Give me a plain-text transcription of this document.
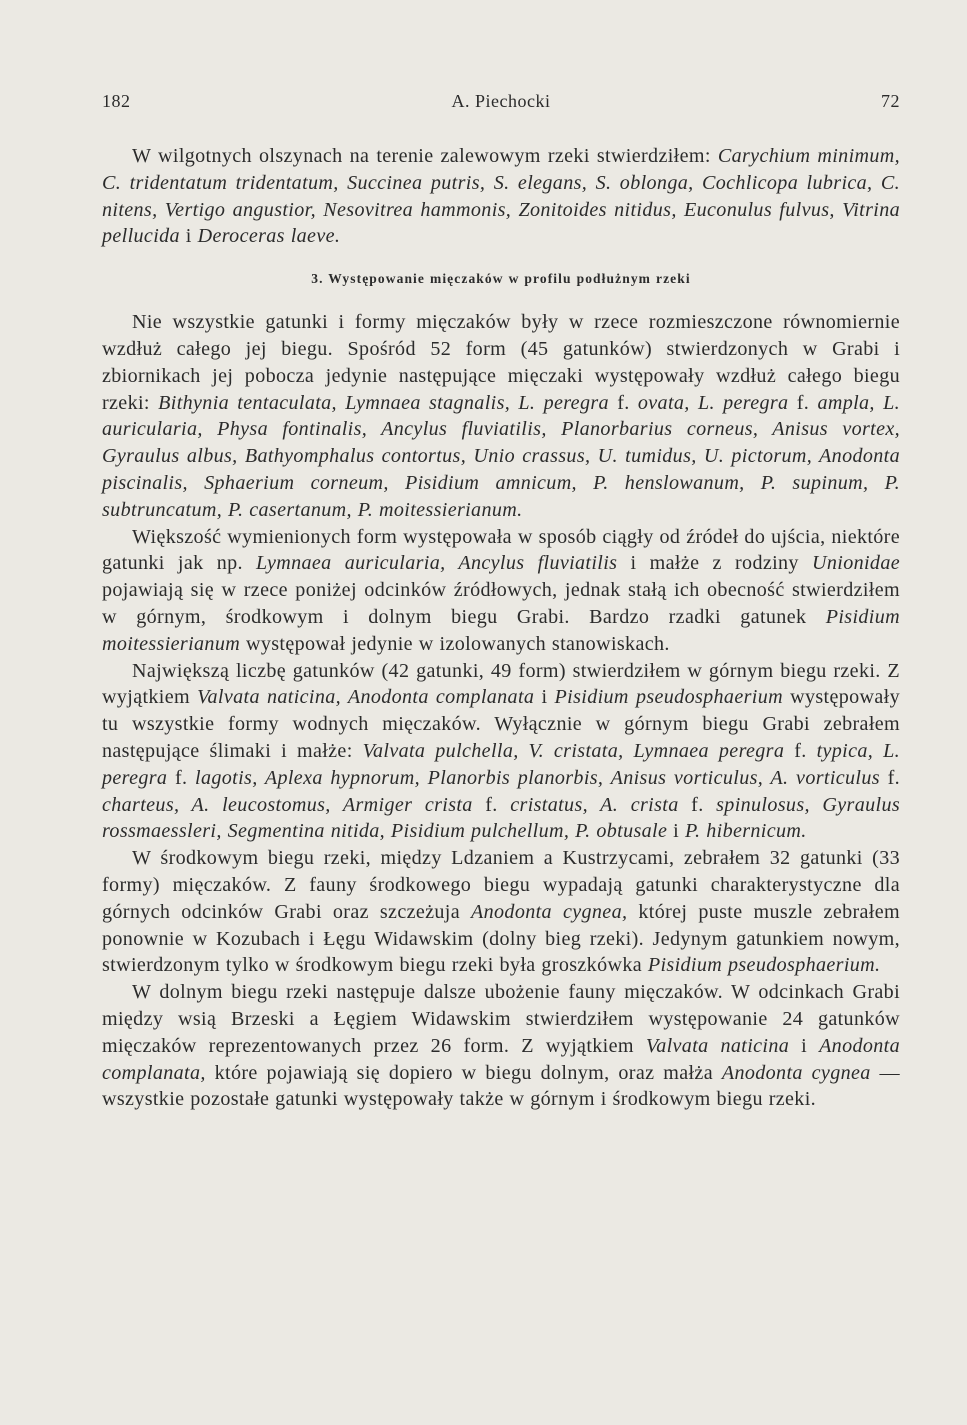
182	A. Piechocki	72

W wilgotnych olszynach na terenie zalewowym rzeki stwierdziłem: Carychium minimum, C. tridentatum tridentatum, Succinea putris, S. elegans, S. oblonga, Cochlicopa lubrica, C. nitens, Vertigo angustior, Nesovitrea hammonis, Zonitoides nitidus, Euconulus fulvus, Vitrina pellucida i Deroceras laeve.

3. Występowanie mięczaków w profilu podłużnym rzeki

Nie wszystkie gatunki i formy mięczaków były w rzece rozmieszczone równomiernie wzdłuż całego jej biegu. Spośród 52 form (45 gatunków) stwierdzonych w Grabi i zbiornikach jej pobocza jedynie następujące mięczaki występowały wzdłuż całego biegu rzeki: Bithynia tentaculata, Lymnaea stagnalis, L. peregra f. ovata, L. peregra f. ampla, L. auricularia, Physa fontinalis, Ancylus fluviatilis, Planorbarius corneus, Anisus vortex, Gyraulus albus, Bathyomphalus contortus, Unio crassus, U. tumidus, U. pictorum, Anodonta piscinalis, Sphaerium corneum, Pisidium amnicum, P. henslowanum, P. supinum, P. subtruncatum, P. casertanum, P. moitessierianum.

Większość wymienionych form występowała w sposób ciągły od źródeł do ujścia, niektóre gatunki jak np. Lymnaea auricularia, Ancylus fluviatilis i małże z rodziny Unionidae pojawiają się w rzece poniżej odcinków źródłowych, jednak stałą ich obecność stwierdziłem w górnym, środkowym i dolnym biegu Grabi. Bardzo rzadki gatunek Pisidium moitessierianum występował jedynie w izolowanych stanowiskach.

Największą liczbę gatunków (42 gatunki, 49 form) stwierdziłem w górnym biegu rzeki. Z wyjątkiem Valvata naticina, Anodonta complanata i Pisidium pseudosphaerium występowały tu wszystkie formy wodnych mięczaków. Wyłącznie w górnym biegu Grabi zebrałem następujące ślimaki i małże: Valvata pulchella, V. cristata, Lymnaea peregra f. typica, L. peregra f. lagotis, Aplexa hypnorum, Planorbis planorbis, Anisus vorticulus, A. vorticulus f. charteus, A. leucostomus, Armiger crista f. cristatus, A. crista f. spinulosus, Gyraulus rossmaessleri, Segmentina nitida, Pisidium pulchellum, P. obtusale i P. hibernicum.

W środkowym biegu rzeki, między Ldzaniem a Kustrzycami, zebrałem 32 gatunki (33 formy) mięczaków. Z fauny środkowego biegu wypadają gatunki charakterystyczne dla górnych odcinków Grabi oraz szczeżuja Anodonta cygnea, której puste muszle zebrałem ponownie w Kozubach i Łęgu Widawskim (dolny bieg rzeki). Jedynym gatunkiem nowym, stwierdzonym tylko w środkowym biegu rzeki była groszkówka Pisidium pseudosphaerium.

W dolnym biegu rzeki następuje dalsze ubożenie fauny mięczaków. W odcinkach Grabi między wsią Brzeski a Łęgiem Widawskim stwierdziłem występowanie 24 gatunków mięczaków reprezentowanych przez 26 form. Z wyjątkiem Valvata naticina i Anodonta complanata, które pojawiają się dopiero w biegu dolnym, oraz małża Anodonta cygnea — wszystkie pozostałe gatunki występowały także w górnym i środkowym biegu rzeki.
